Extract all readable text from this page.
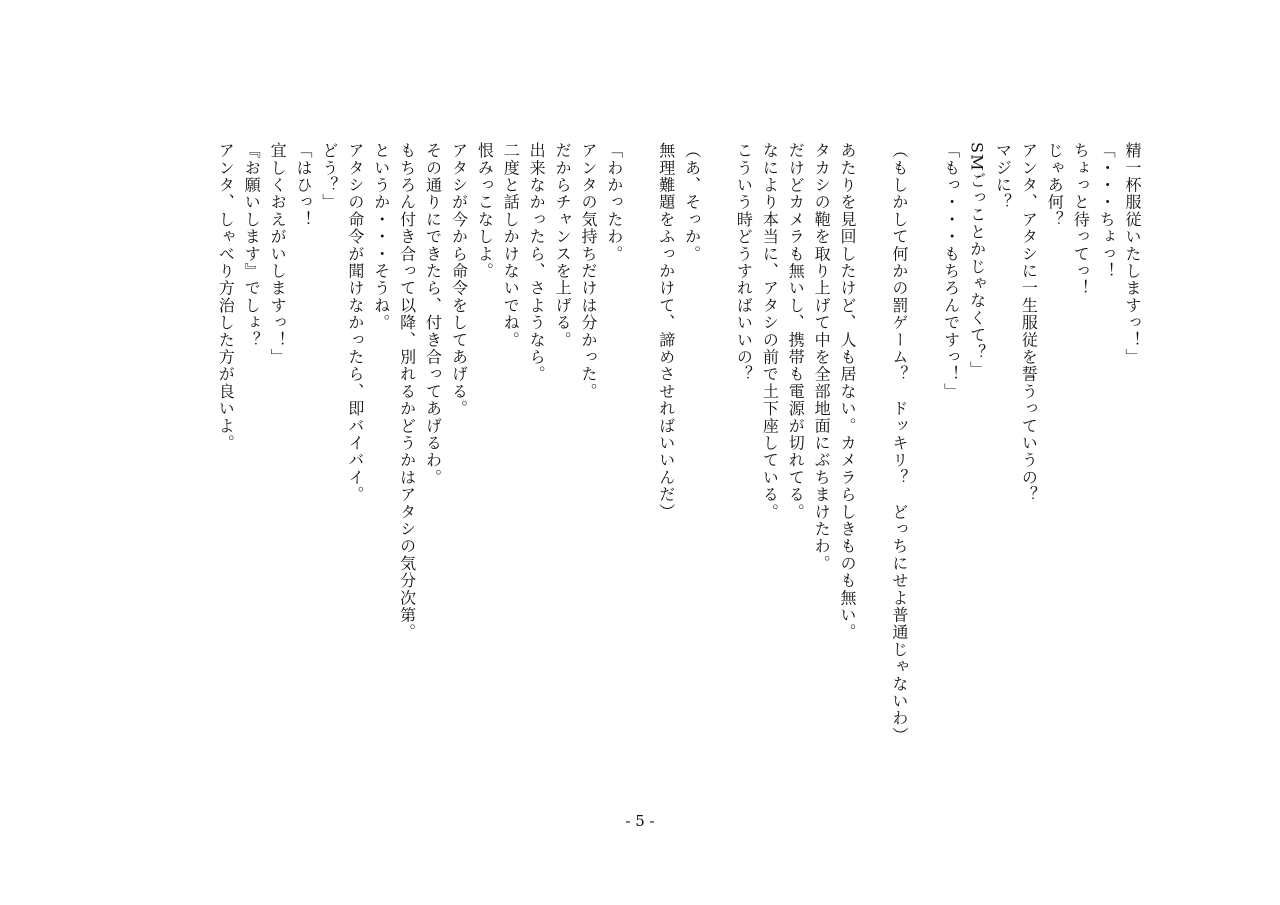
精一杯服従いたしますっ！」
「・・・ちょっ！
ちょっと待ってっ！
じゃあ何？
アンタ、アタシに一生服従を誓うっていうの？
マジに？
SMごっことかじゃなくて？」
「もっ・・・もちろんですっ！」
（もしかして何かの罰ゲーム？　ドッキリ？　どっちにせよ普通じゃないわ）
あたりを見回したけど、人も居ない。カメラらしきものも無い。
タカシの鞄を取り上げて中を全部地面にぶちまけたわ。
だけどカメラも無いし、携帯も電源が切れてる。
なにより本当に、アタシの前で土下座している。
こういう時どうすればいいの？
（あ、そっか。
無理難題をふっかけて、諦めさせればいいんだ）
「わかったわ。
アンタの気持ちだけは分かった。
だからチャンスを上げる。
出来なかったら、さようなら。
二度と話しかけないでね。
恨みっこなしよ。
アタシが今から命令をしてあげる。
その通りにできたら、付き合ってあげるわ。
もちろん付き合って以降、別れるかどうかはアタシの気分次第。
というか・・・そうね。
アタシの命令が聞けなかったら、即バイバイ。
どう？」
「はひっ！
宜しくおえがいしますっ！」
『お願いします』でしょ？
アンタ、しゃべり方治した方が良いよ。
- 5 -
